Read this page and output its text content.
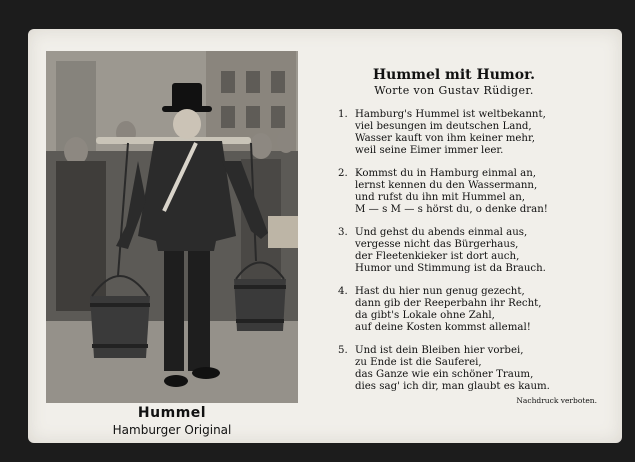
Hummel
Hamburger Original
Hummel mit Humor.
Worte von Gustav Rüdiger.
1. Hamburg's Hummel ist weltbekannt,
viel besungen im deutschen Land,
Wasser kauft von ihm keiner mehr,
weil seine Eimer immer leer.
2. Kommst du in Hamburg einmal an,
lernst kennen du den Wassermann,
und rufst du ihn mit Hummel an,
M — s M — s hörst du, o denke dran!
3. Und gehst du abends einmal aus,
vergesse nicht das Bürgerhaus,
der Fleetenkieker ist dort auch,
Humor und Stimmung ist da Brauch.
4. Hast du hier nun genug gezecht,
dann gib der Reeperbahn ihr Recht,
da gibt's Lokale ohne Zahl,
auf deine Kosten kommst allemal!
5. Und ist dein Bleiben hier vorbei,
zu Ende ist die Sauferei,
das Ganze wie ein schöner Traum,
dies sag' ich dir, man glaubt es kaum.
Nachdruck verboten.
